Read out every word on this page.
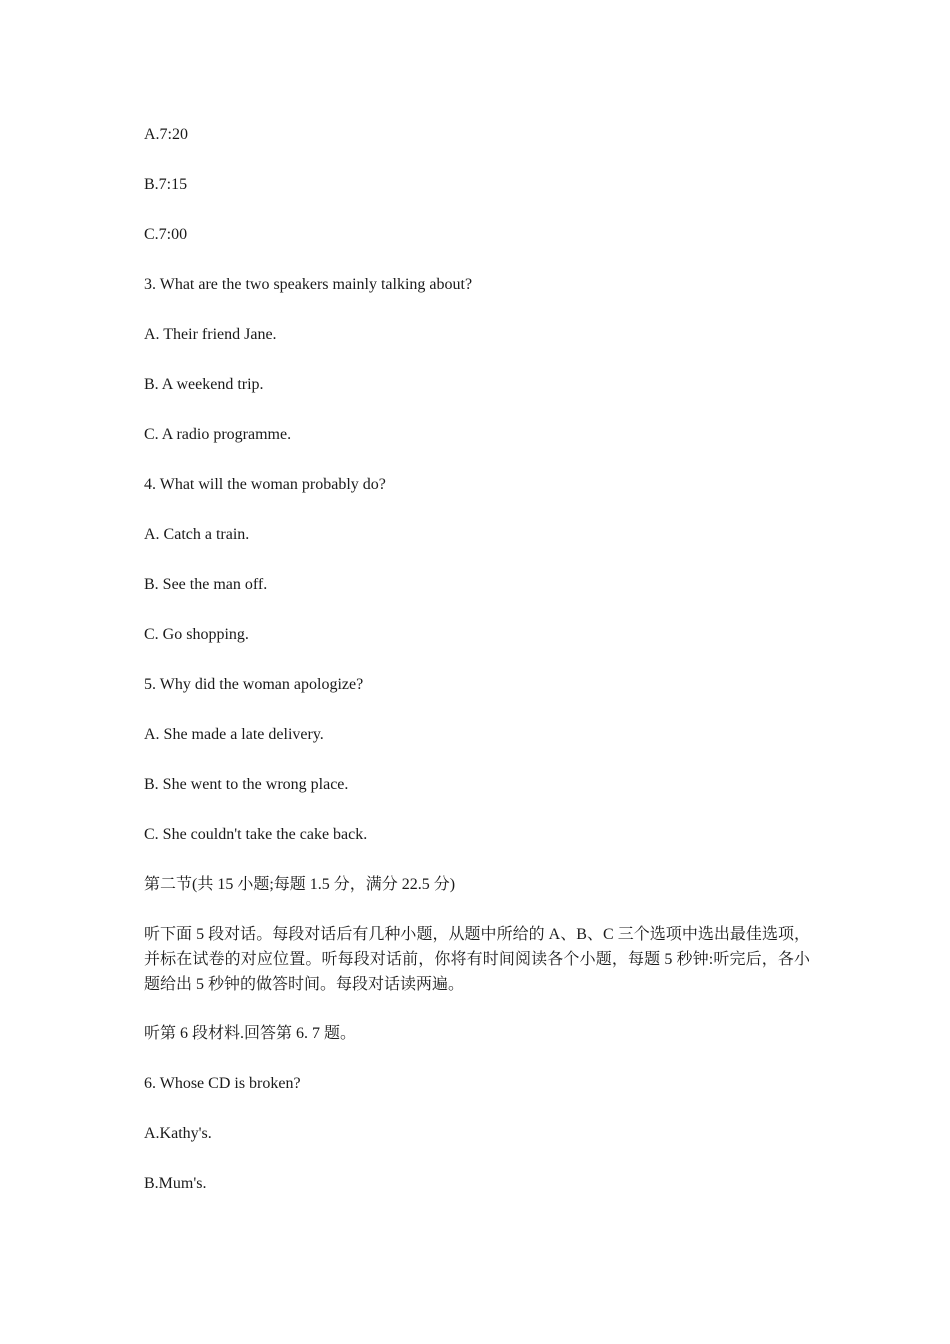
A.7:20
B.7:15
C.7:00
3. What are the two speakers mainly talking about?
A. Their friend Jane.
B. A weekend trip.
C. A radio programme.
4. What will the woman probably do?
A. Catch a train.
B. See the man off.
C. Go shopping.
5. Why did the woman apologize?
A. She made a late delivery.
B. She went to the wrong place.
C. She couldn't take the cake back.
第二节(共 15 小题;每题 1.5 分，满分 22.5 分)
听下面 5 段对话。每段对话后有几种小题，从题中所给的 A、B、C 三个选项中选出最佳选项，并标在试卷的对应位置。听每段对话前，你将有时间阅读各个小题，每题 5 秒钟:听完后，各小题给出 5 秒钟的做答时间。每段对话读两遍。
听第 6 段材料.回答第 6. 7 题。
6. Whose CD is broken?
A.Kathy's.
B.Mum's.
